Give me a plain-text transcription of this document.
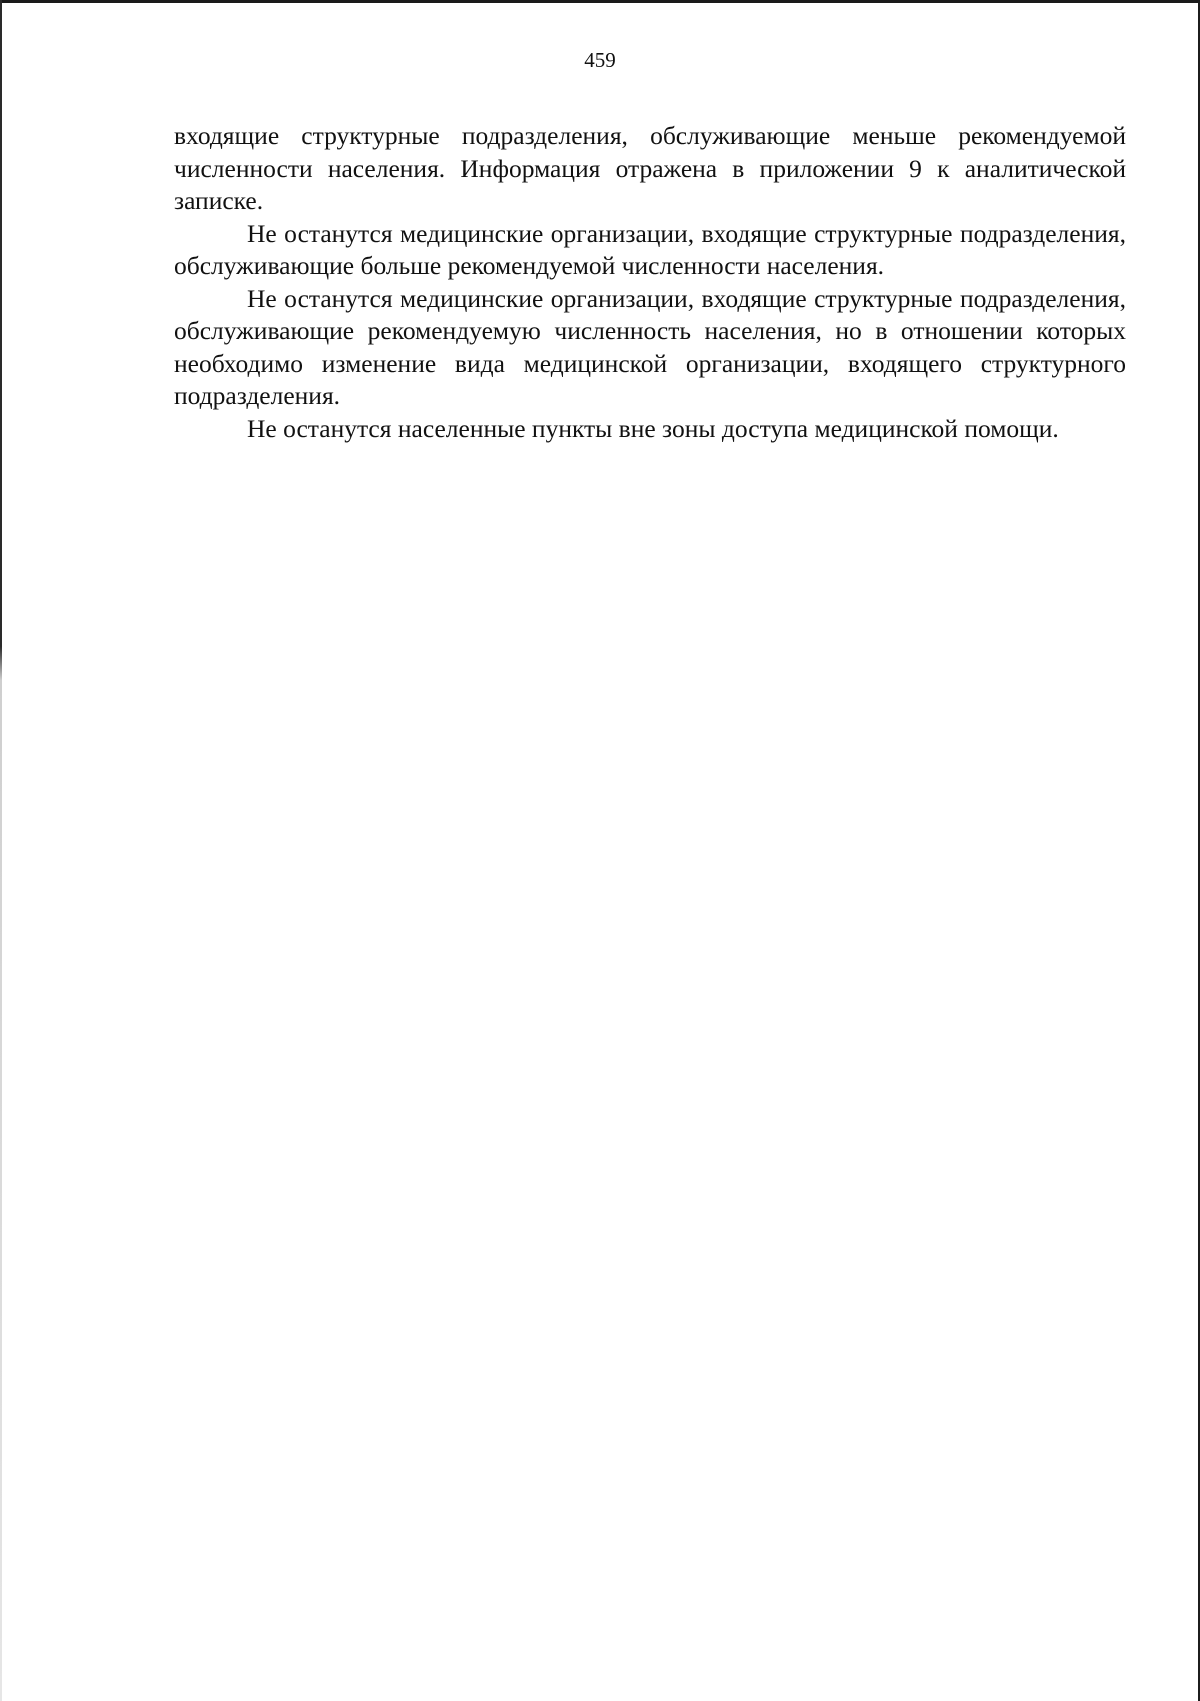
459

входящие структурные подразделения, обслуживающие меньше рекомендуемой численности населения. Информация отражена в приложении 9 к аналитической записке.

Не останутся медицинские организации, входящие структурные подразделения, обслуживающие больше рекомендуемой численности населения.

Не останутся медицинские организации, входящие структурные подразделения, обслуживающие рекомендуемую численность населения, но в отношении которых необходимо изменение вида медицинской организации, входящего структурного подразделения.

Не останутся населенные пункты вне зоны доступа медицинской помощи.
